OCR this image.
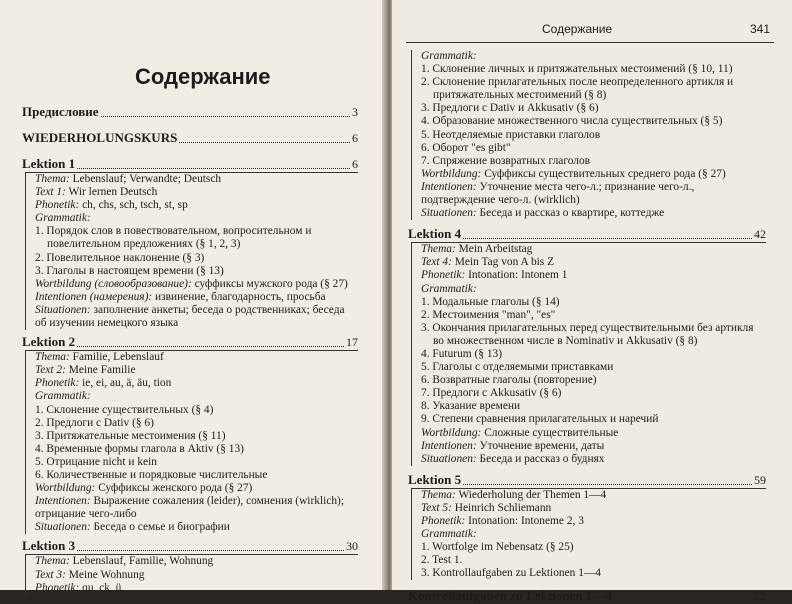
Содержание
Предисловие	3
WIEDERHOLUNGSKURS	6
Lektion 1	6
Thema: Lebenslauf; Verwandte; Deutsch
Text 1: Wir lernen Deutsch
Phonetik: ch, chs, sch, tsch, st, sp
Grammatik:
1. Порядок слов в повествовательном, вопросительном и повелительном предложениях (§ 1, 2, 3)
2. Повелительное наклонение (§ 3)
3. Глаголы в настоящем времени (§ 13)
Wortbildung (словообразование): суффиксы мужского рода (§ 27)
Intentionen (намерения): извинение, благодарность, просьба
Situationen: заполнение анкеты; беседа о родственниках; беседа об изучении немецкого языка
Lektion 2	17
Thema: Familie, Lebenslauf
Text 2: Meine Familie
Phonetik: ie, ei, au, ä, äu, tion
Grammatik:
1. Склонение существительных (§ 4)
2. Предлоги с Dativ (§ 6)
3. Притяжательные местоимения (§ 11)
4. Временные формы глагола в Aktiv (§ 13)
5. Отрицание nicht и kein
6. Количественные и порядковые числительные
Wortbildung: Суффиксы женского рода (§ 27)
Intentionen: Выражение сожаления (leider), сомнения (wirklich); отрицание чего-либо
Situationen: Беседа о семье и биографии
Lektion 3	30
Thema: Lebenslauf, Familie, Wohnung
Text 3: Meine Wohnung
Phonetik: qu, ck, ü
Содержание	341
Grammatik:
1. Склонение личных и притяжательных местоимений (§ 10, 11)
2. Склонение прилагательных после неопределенного артикля и притяжательных местоимений (§ 8)
3. Предлоги с Dativ и Akkusativ (§ 6)
4. Образование множественного числа существительных (§ 5)
5. Неотделяемые приставки глаголов
6. Оборот "es gibt"
7. Спряжение возвратных глаголов
Wortbildung: Суффиксы существительных среднего рода (§ 27)
Intentionen: Уточнение места чего-л.; признание чего-л., подтверждение чего-л. (wirklich)
Situationen: Беседа и рассказ о квартире, коттедже
Lektion 4	42
Thema: Mein Arbeitstag
Text 4: Mein Tag von A bis Z
Phonetik: Intonation: Intonem 1
Grammatik:
1. Модальные глаголы (§ 14)
2. Местоимения "man", "es"
3. Окончания прилагательных перед существительными без артикля во множественном числе в Nominativ и Akkusativ (§ 8)
4. Futurum (§ 13)
5. Глаголы с отделяемыми приставками
6. Возвратные глаголы (повторение)
7. Предлоги с Akkusativ (§ 6)
8. Указание времени
9. Степени сравнения прилагательных и наречий
Wortbildung: Сложные существительные
Intentionen: Уточнение времени, даты
Situationen: Беседа и рассказ о буднях
Lektion 5	59
Thema: Wiederholung der Themen 1—4
Text 5: Heinrich Schliemann
Phonetik: Intonation: Intoneme 2, 3
Grammatik:
1. Wortfolge im Nebensatz (§ 25)
2. Test 1.
3. Kontrollaufgaben zu Lektionen 1—4
Kontrollaufgaben zu Lektionen 1—4	72
